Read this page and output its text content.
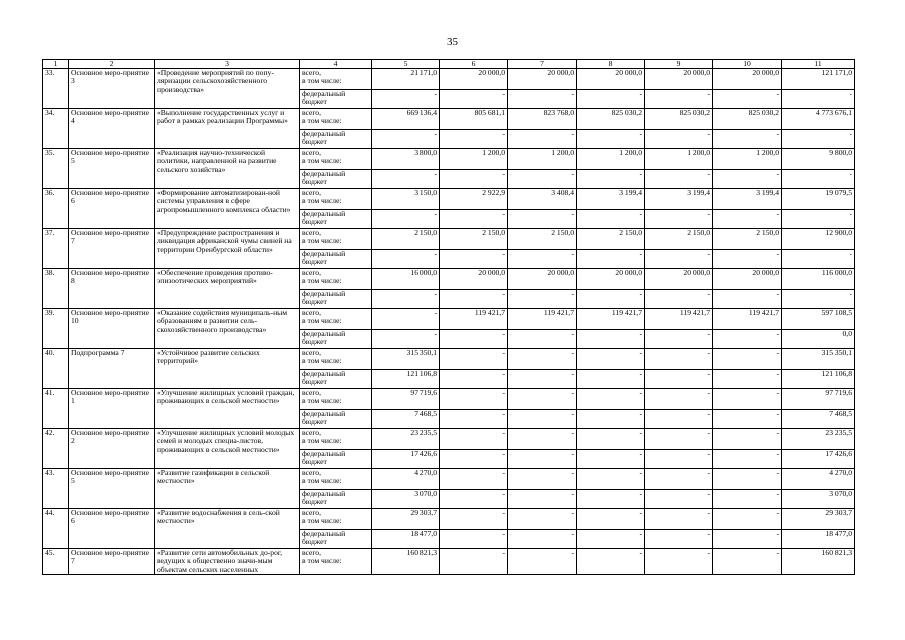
35
1	2	3	4	5	6	7	8	9	10	11
33.	Основное меро-приятие 3	«Проведение мероприятий по попу-ляризации сельскохозяйственного производства»	всего,
в том числе:	21 171,0	20 000,0	20 000,0	20 000,0	20 000,0	20 000,0	121 171,0
			федеральный бюджет	-	-	-	-	-	-	-
34.	Основное меро-приятие 4	«Выполнение государственных услуг и работ в рамках реализации Программы»	всего,
в том числе:	669 136,4	805 681,1	823 768,0	825 030,2	825 030,2	825 030,2	4 773 676,1
			федеральный бюджет	-	-	-	-	-	-	-
35.	Основное меро-приятие 5	«Реализация научно-технической политики, направленной на развитие сельского хозяйства»	всего,
в том числе:	3 800,0	1 200,0	1 200,0	1 200,0	1 200,0	1 200,0	9 800,0
			федеральный бюджет	-	-	-	-	-	-	-
36.	Основное меро-приятие 6	«Формирование автоматизирован-ной системы управления в сфере агропромышленного комплекса области»	всего,
в том числе:	3 150,0	2 922,9	3 408,4	3 199,4	3 199,4	3 199,4	19 079,5
			федеральный бюджет	-	-	-	-	-	-	-
37.	Основное меро-приятие 7	«Предупреждение распространения и ликвидация африканской чумы свиней на территории Оренбургской области»	всего,
в том числе:	2 150,0	2 150,0	2 150,0	2 150,0	2 150,0	2 150,0	12 900,0
			федеральный бюджет	-	-	-	-	-	-	-
38.	Основное меро-приятие 8	«Обеспечение проведения противо-эпизоотических мероприятий»	всего,
в том числе:	16 000,0	20 000,0	20 000,0	20 000,0	20 000,0	20 000,0	116 000,0
			федеральный бюджет	-	-	-	-	-	-	-
39.	Основное меро-приятие 10	«Оказание содействия муниципаль-ным образованиям в развитии сель-скохозяйственного производства»	всего,
в том числе:	-	119 421,7	119 421,7	119 421,7	119 421,7	119 421,7	597 108,5
			федеральный бюджет	-	-	-	-	-	-	0,0
40.	Подпрограмма 7	«Устойчивое развитие сельских территорий»	всего,
в том числе:	315 350,1	-	-	-	-	-	315 350,1
			федеральный бюджет	121 106,8	-	-	-	-	-	121 106,8
41.	Основное меро-приятие 1	«Улучшение жилищных условий граждан, проживающих в сельской местности»	всего,
в том числе:	97 719,6	-	-	-	-	-	97 719,6
			федеральный бюджет	7 468,5	-	-	-	-	-	7 468,5
42.	Основное меро-приятие 2	«Улучшение жилищных условий молодых семей и молодых специа-листов, проживающих в сельской местности»	всего,
в том числе:	23 235,5	-	-	-	-	-	23 235,5
			федеральный бюджет	17 426,6	-	-	-	-	-	17 426,6
43.	Основное меро-приятие 5	«Развитие газификации в сельской местности»	всего,
в том числе:	4 270,0	-	-	-	-	-	4 270,0
			федеральный бюджет	3 070,0	-	-	-	-	-	3 070,0
44.	Основное меро-приятие 6	«Развитие водоснабжения в сель-ской местности»	всего,
в том числе:	29 303,7	-	-	-	-	-	29 303,7
			федеральный бюджет	18 477,0	-	-	-	-	-	18 477,0
45.	Основное меро-приятие 7	«Развитие сети автомобильных до-рог, ведущих к общественно значи-мым объектам сельских населенных	всего,
в том числе:	160 821,3	-	-	-	-	-	160 821,3
